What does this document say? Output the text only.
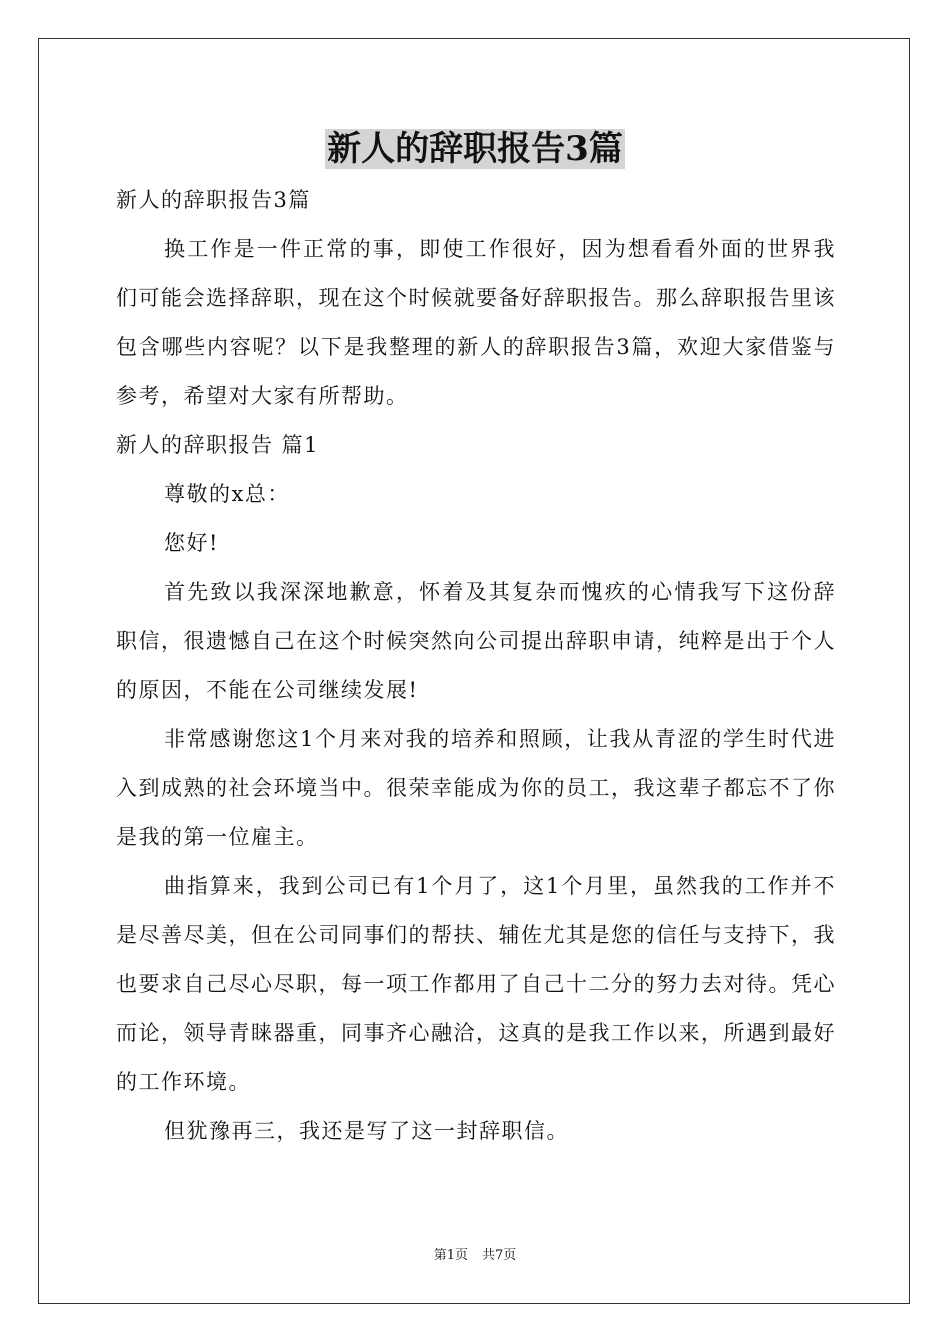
新人的辞职报告3篇

新人的辞职报告3篇

换工作是一件正常的事，即使工作很好，因为想看看外面的世界我们可能会选择辞职，现在这个时候就要备好辞职报告。那么辞职报告里该包含哪些内容呢？以下是我整理的新人的辞职报告3篇，欢迎大家借鉴与参考，希望对大家有所帮助。

新人的辞职报告 篇1

尊敬的x总：

您好!

首先致以我深深地歉意，怀着及其复杂而愧疚的心情我写下这份辞职信，很遗憾自己在这个时候突然向公司提出辞职申请，纯粹是出于个人的原因，不能在公司继续发展!

非常感谢您这1个月来对我的培养和照顾，让我从青涩的学生时代进入到成熟的社会环境当中。很荣幸能成为你的员工，我这辈子都忘不了你是我的第一位雇主。

曲指算来，我到公司已有1个月了，这1个月里，虽然我的工作并不是尽善尽美，但在公司同事们的帮扶、辅佐尤其是您的信任与支持下，我也要求自己尽心尽职，每一项工作都用了自己十二分的努力去对待。凭心而论，领导青睐器重，同事齐心融洽，这真的是我工作以来，所遇到最好的工作环境。

但犹豫再三，我还是写了这一封辞职信。

第1页 共7页
